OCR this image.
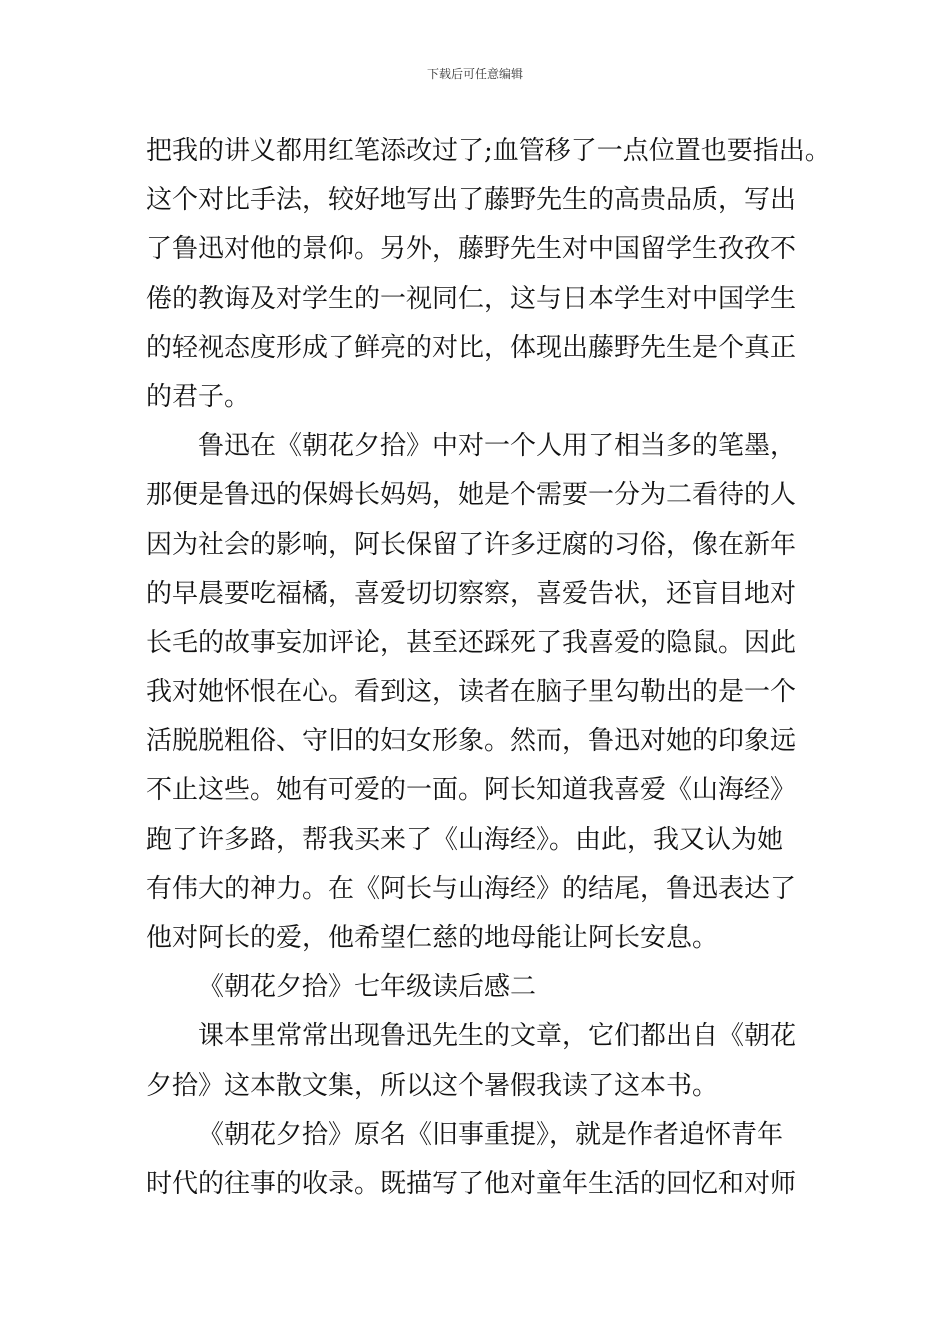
下载后可任意编辑
把我的讲义都用红笔添改过了;血管移了一点位置也要指出。
这个对比手法，较好地写出了藤野先生的高贵品质，写出
了鲁迅对他的景仰。另外，藤野先生对中国留学生孜孜不
倦的教诲及对学生的一视同仁，这与日本学生对中国学生
的轻视态度形成了鲜亮的对比，体现出藤野先生是个真正
的君子。
鲁迅在《朝花夕拾》中对一个人用了相当多的笔墨，
那便是鲁迅的保姆长妈妈，她是个需要一分为二看待的人
因为社会的影响，阿长保留了许多迂腐的习俗，像在新年
的早晨要吃福橘，喜爱切切察察，喜爱告状，还盲目地对
长毛的故事妄加评论，甚至还踩死了我喜爱的隐鼠。因此
我对她怀恨在心。看到这，读者在脑子里勾勒出的是一个
活脱脱粗俗、守旧的妇女形象。然而，鲁迅对她的印象远
不止这些。她有可爱的一面。阿长知道我喜爱《山海经》
跑了许多路，帮我买来了《山海经》。由此，我又认为她
有伟大的神力。在《阿长与山海经》的结尾，鲁迅表达了
他对阿长的爱，他希望仁慈的地母能让阿长安息。
《朝花夕拾》七年级读后感二
课本里常常出现鲁迅先生的文章，它们都出自《朝花
夕拾》这本散文集，所以这个暑假我读了这本书。
《朝花夕拾》原名《旧事重提》，就是作者追怀青年
时代的往事的收录。既描写了他对童年生活的回忆和对师
